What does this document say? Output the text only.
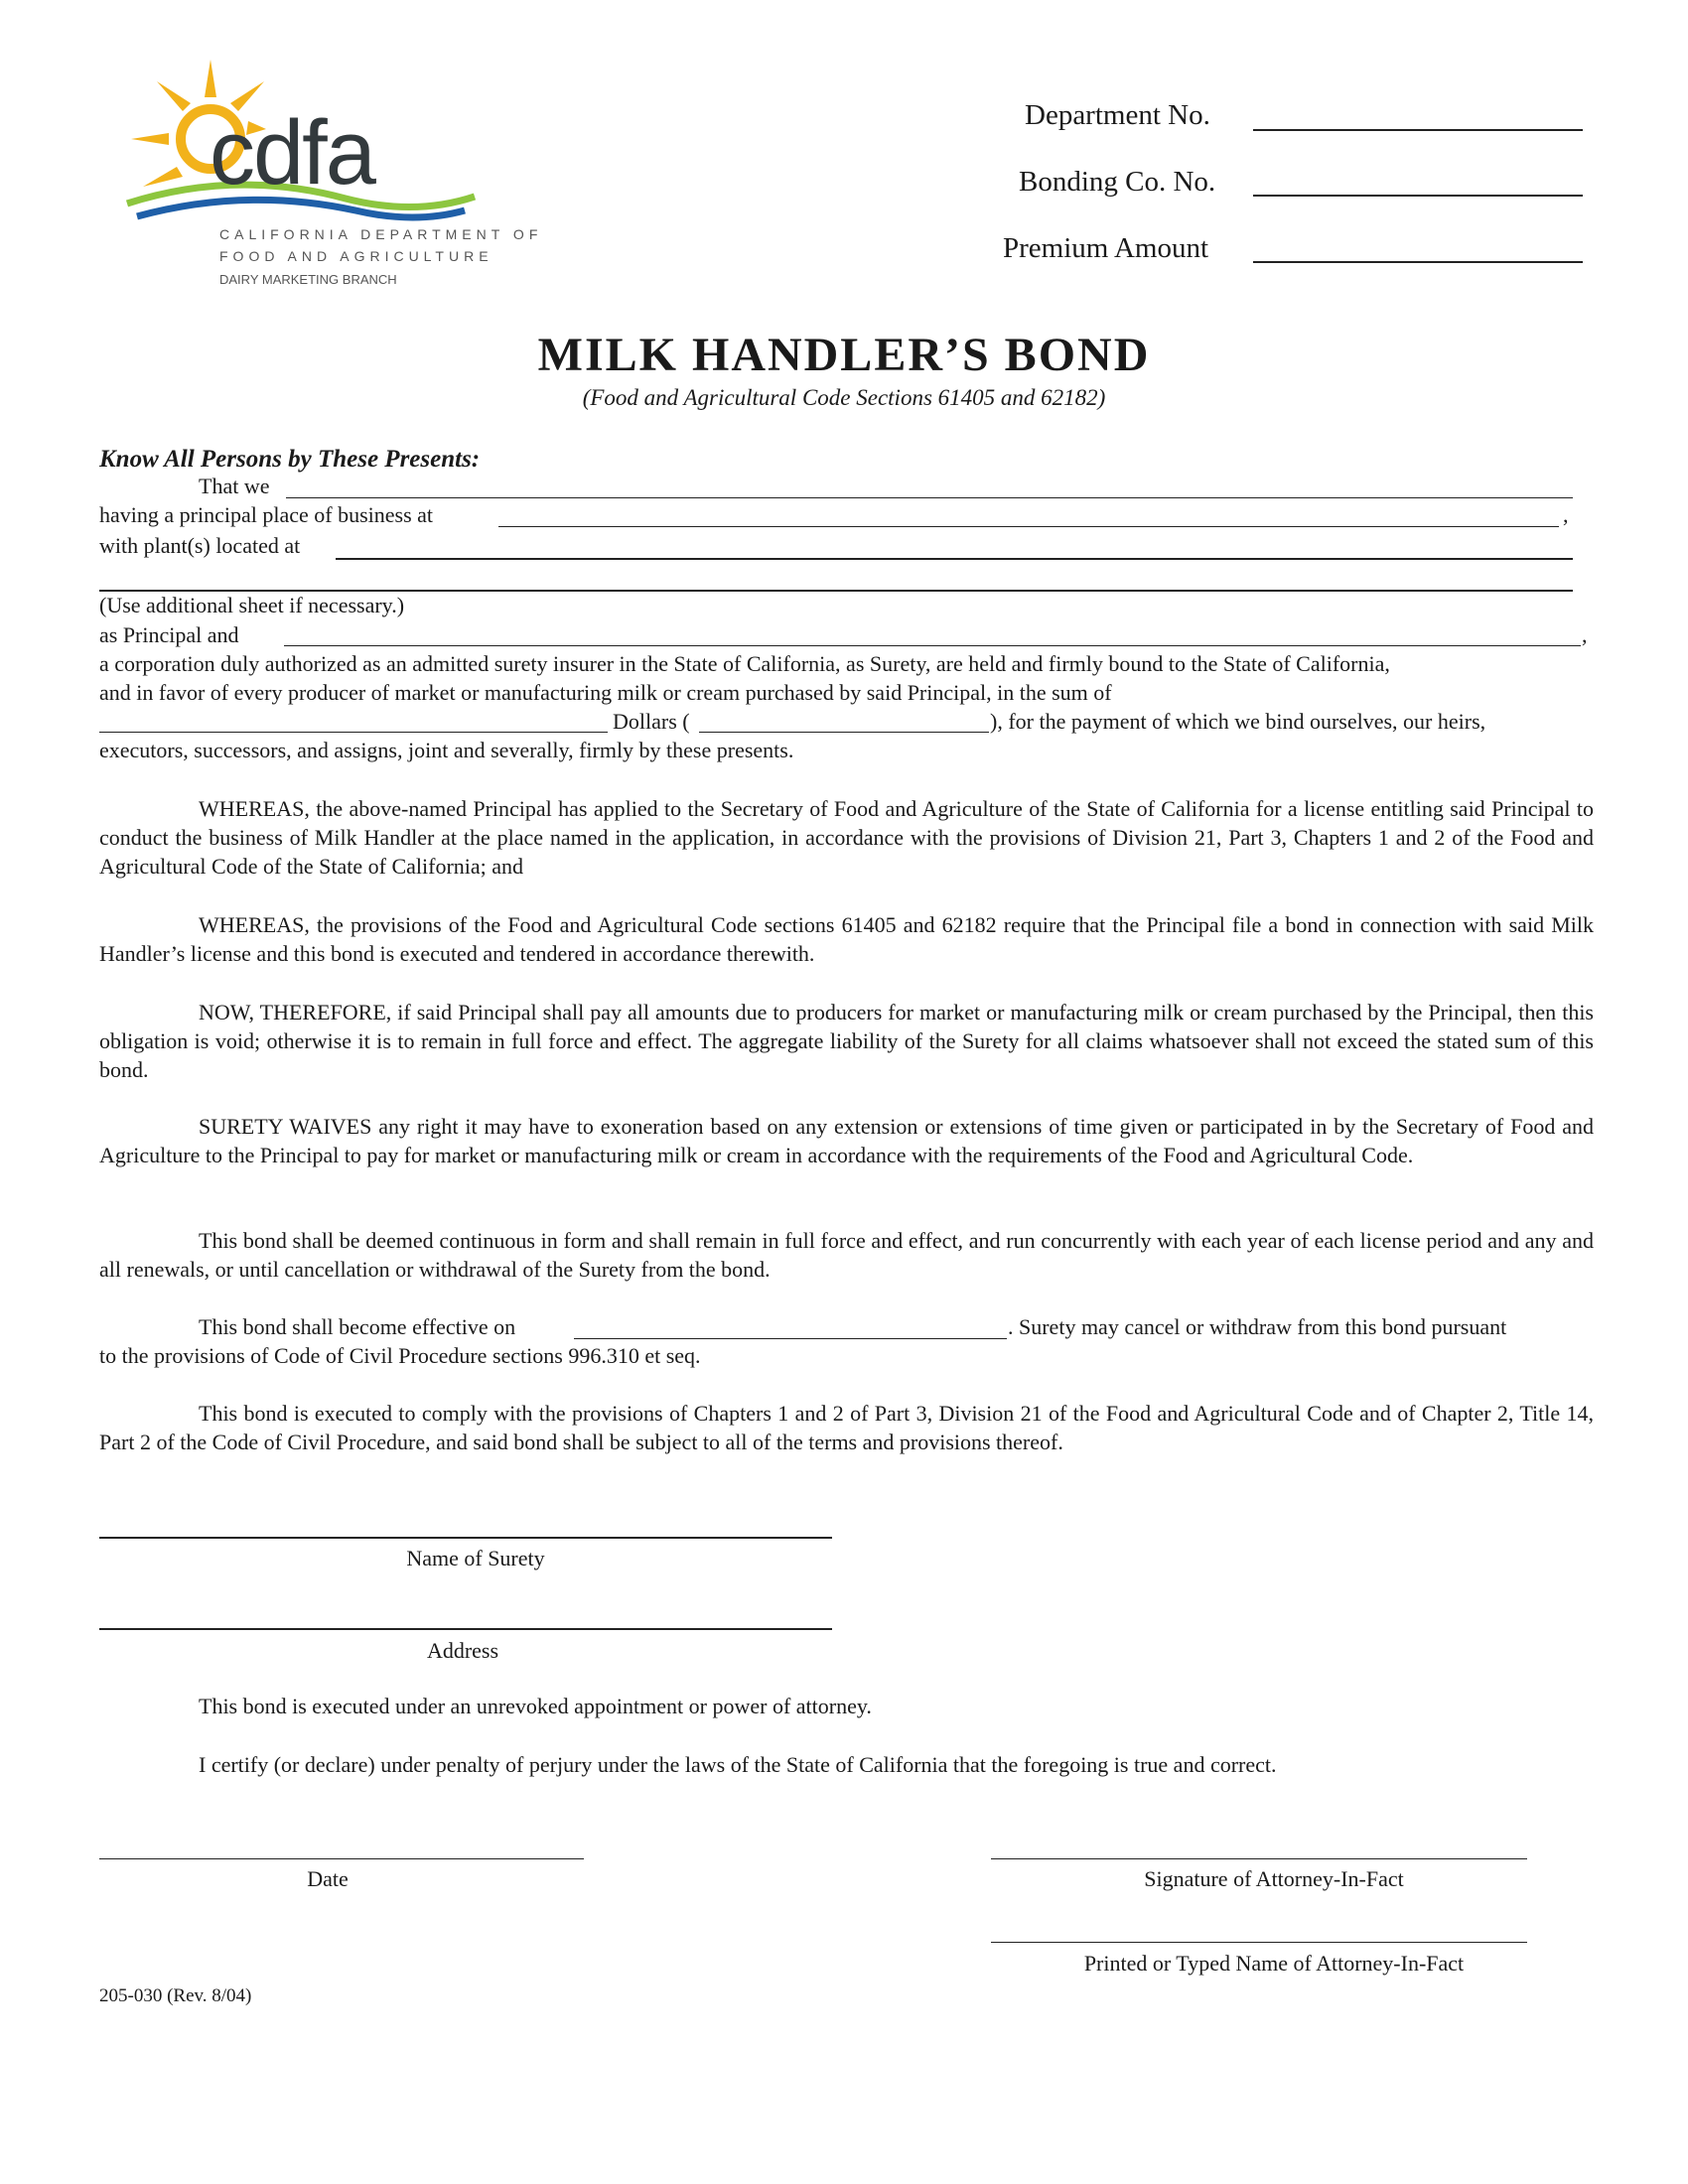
cdfa
CALIFORNIA DEPARTMENT OF
FOOD AND AGRICULTURE
DAIRY MARKETING BRANCH
Department No.
Bonding Co. No.
Premium Amount
MILK HANDLER’S BOND
(Food and Agricultural Code Sections 61405 and 62182)
Know All Persons by These Presents:
That we
having a principal place of business at	,
with plant(s) located at
(Use additional sheet if necessary.)
as Principal and	,
a corporation duly authorized as an admitted surety insurer in the State of California, as Surety, are held and firmly bound to the State of California,
and in favor of every producer of market or manufacturing milk or cream purchased by said Principal, in the sum of
Dollars (	), for the payment of which we bind ourselves, our heirs,
executors, successors, and assigns, joint and severally, firmly by these presents.
WHEREAS, the above-named Principal has applied to the Secretary of Food and Agriculture of the State of California for a license entitling said Principal to conduct the business of Milk Handler at the place named in the application, in accordance with the provisions of Division 21, Part 3, Chapters 1 and 2 of the Food and Agricultural Code of the State of California; and
WHEREAS, the provisions of the Food and Agricultural Code sections 61405 and 62182 require that the Principal file a bond in connection with said Milk Handler’s license and this bond is executed and tendered in accordance therewith.
NOW, THEREFORE, if said Principal shall pay all amounts due to producers for market or manufacturing milk or cream purchased by the Principal, then this obligation is void; otherwise it is to remain in full force and effect. The aggregate liability of the Surety for all claims whatsoever shall not exceed the stated sum of this bond.
SURETY WAIVES any right it may have to exoneration based on any extension or extensions of time given or participated in by the Secretary of Food and Agriculture to the Principal to pay for market or manufacturing milk or cream in accordance with the requirements of the Food and Agricultural Code.
This bond shall be deemed continuous in form and shall remain in full force and effect, and run concurrently with each year of each license period and any and all renewals, or until cancellation or withdrawal of the Surety from the bond.
This bond shall become effective on	. Surety may cancel or withdraw from this bond pursuant
to the provisions of Code of Civil Procedure sections 996.310 et seq.
This bond is executed to comply with the provisions of Chapters 1 and 2 of Part 3, Division 21 of the Food and Agricultural Code and of Chapter 2, Title 14, Part 2 of the Code of Civil Procedure, and said bond shall be subject to all of the terms and provisions thereof.
Name of Surety
Address
This bond is executed under an unrevoked appointment or power of attorney.
I certify (or declare) under penalty of perjury under the laws of the State of California that the foregoing is true and correct.
Date	Signature of Attorney-In-Fact
Printed or Typed Name of Attorney-In-Fact
205-030 (Rev. 8/04)
